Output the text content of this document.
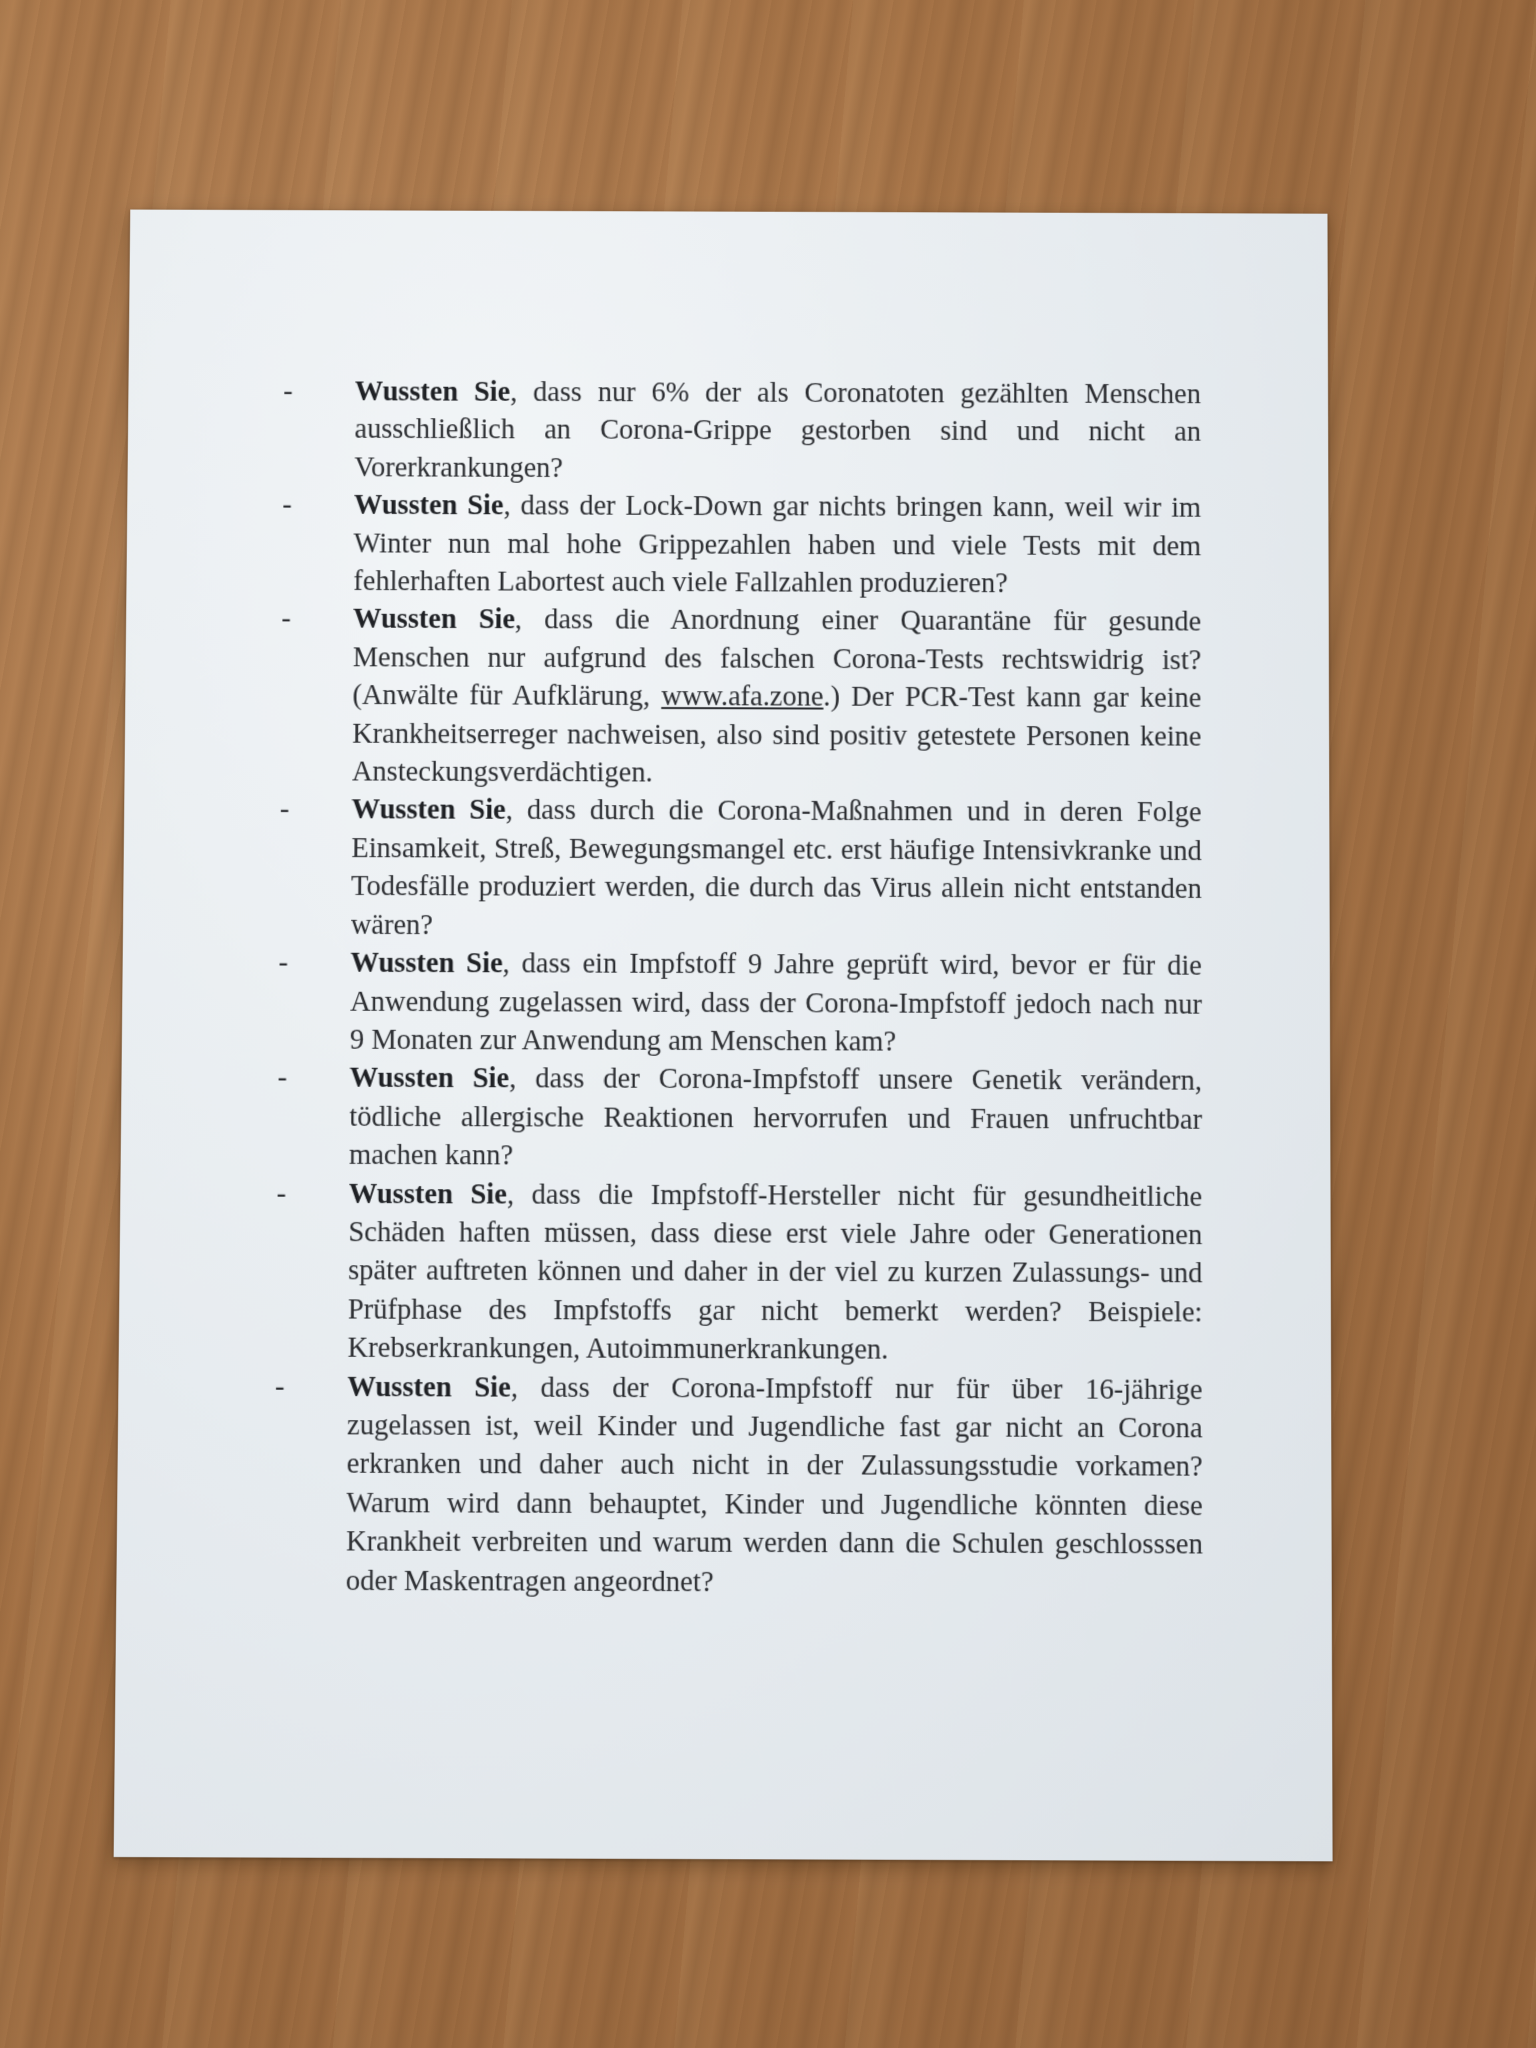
-	Wussten Sie, dass nur 6% der als Coronatoten gezählten Menschen ausschließlich an Corona-Grippe gestorben sind und nicht an Vorerkrankungen?
-	Wussten Sie, dass der Lock-Down gar nichts bringen kann, weil wir im Winter nun mal hohe Grippezahlen haben und viele Tests mit dem fehlerhaften Labortest auch viele Fallzahlen produzieren?
-	Wussten Sie, dass die Anordnung einer Quarantäne für gesunde Menschen nur aufgrund des falschen Corona-Tests rechtswidrig ist? (Anwälte für Aufklärung, www.afa.zone.) Der PCR-Test kann gar keine Krankheitserreger nachweisen, also sind positiv getestete Personen keine Ansteckungsverdächtigen.
-	Wussten Sie, dass durch die Corona-Maßnahmen und in deren Folge Einsamkeit, Streß, Bewegungsmangel etc. erst häufige Intensivkranke und Todesfälle produziert werden, die durch das Virus allein nicht entstanden wären?
-	Wussten Sie, dass ein Impfstoff 9 Jahre geprüft wird, bevor er für die Anwendung zugelassen wird, dass der Corona-Impfstoff jedoch nach nur 9 Monaten zur Anwendung am Menschen kam?
-	Wussten Sie, dass der Corona-Impfstoff unsere Genetik verändern, tödliche allergische Reaktionen hervorrufen und Frauen unfruchtbar machen kann?
-	Wussten Sie, dass die Impfstoff-Hersteller nicht für gesundheitliche Schäden haften müssen, dass diese erst viele Jahre oder Generationen später auftreten können und daher in der viel zu kurzen Zulassungs- und Prüfphase des Impfstoffs gar nicht bemerkt werden? Beispiele: Krebserkrankungen, Autoimmunerkrankungen.
-	Wussten Sie, dass der Corona-Impfstoff nur für über 16-jährige zugelassen ist, weil Kinder und Jugendliche fast gar nicht an Corona erkranken und daher auch nicht in der Zulassungsstudie vorkamen? Warum wird dann behauptet, Kinder und Jugendliche könnten diese Krankheit verbreiten und warum werden dann die Schulen geschlosssen oder Maskentragen angeordnet?
